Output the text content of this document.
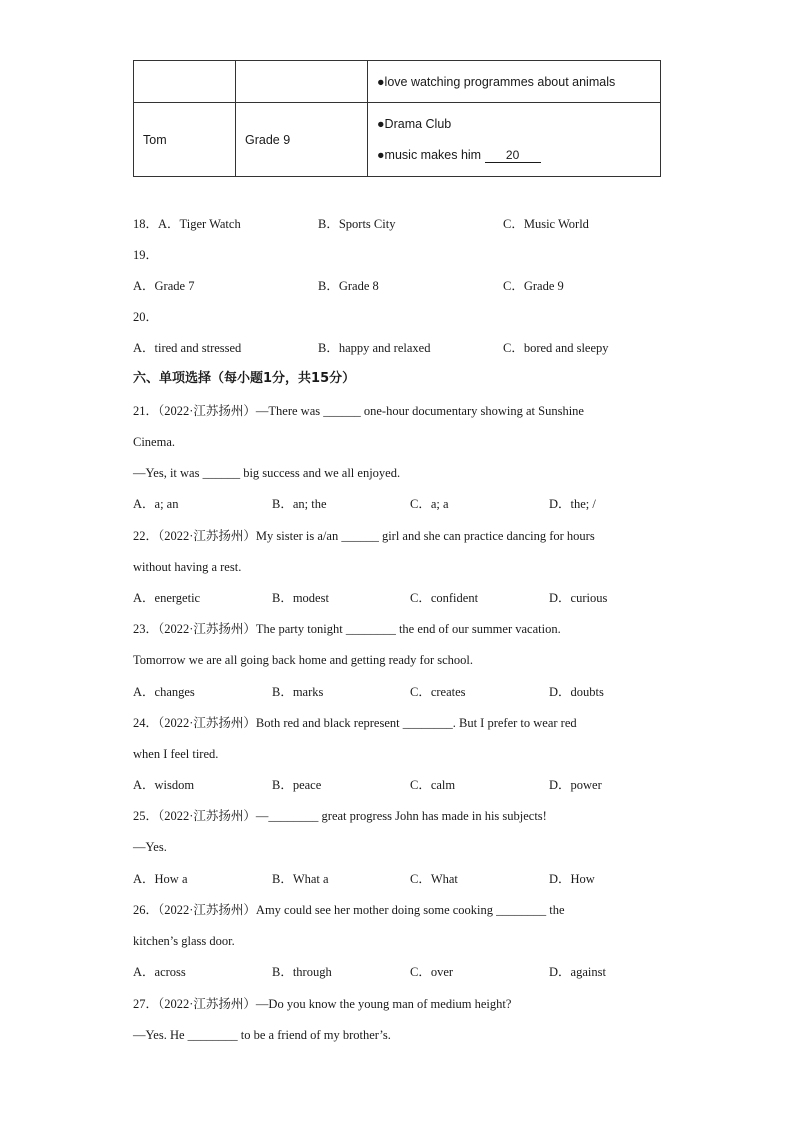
		●love watching programmes about animals
Tom	Grade 9	●Drama Club
●music makes him 20
18．A．Tiger Watch	B．Sports City	C．Music World
19．
A．Grade 7	B．Grade 8	C．Grade 9
20．
A．tired and stressed	B．happy and relaxed	C．bored and sleepy
六、单项选择（每小题1分，共15分）
21．（2022·江苏扬州）—There was ______ one-hour documentary showing at Sunshine
Cinema.
—Yes, it was ______ big success and we all enjoyed.
A．a; an	B．an; the	C．a; a	D．the; /
22．（2022·江苏扬州）My sister is a/an ______ girl and she can practice dancing for hours
without having a rest.
A．energetic	B．modest	C．confident	D．curious
23．（2022·江苏扬州）The party tonight ________ the end of our summer vacation.
Tomorrow we are all going back home and getting ready for school.
A．changes	B．marks	C．creates	D．doubts
24．（2022·江苏扬州）Both red and black represent ________. But I prefer to wear red
when I feel tired.
A．wisdom	B．peace	C．calm	D．power
25．（2022·江苏扬州）—________ great progress John has made in his subjects!
—Yes.
A．How a	B．What a	C．What	D．How
26．（2022·江苏扬州）Amy could see her mother doing some cooking ________ the
kitchen’s glass door.
A．across	B．through	C．over	D．against
27．（2022·江苏扬州）—Do you know the young man of medium height?
—Yes. He ________ to be a friend of my brother’s.
